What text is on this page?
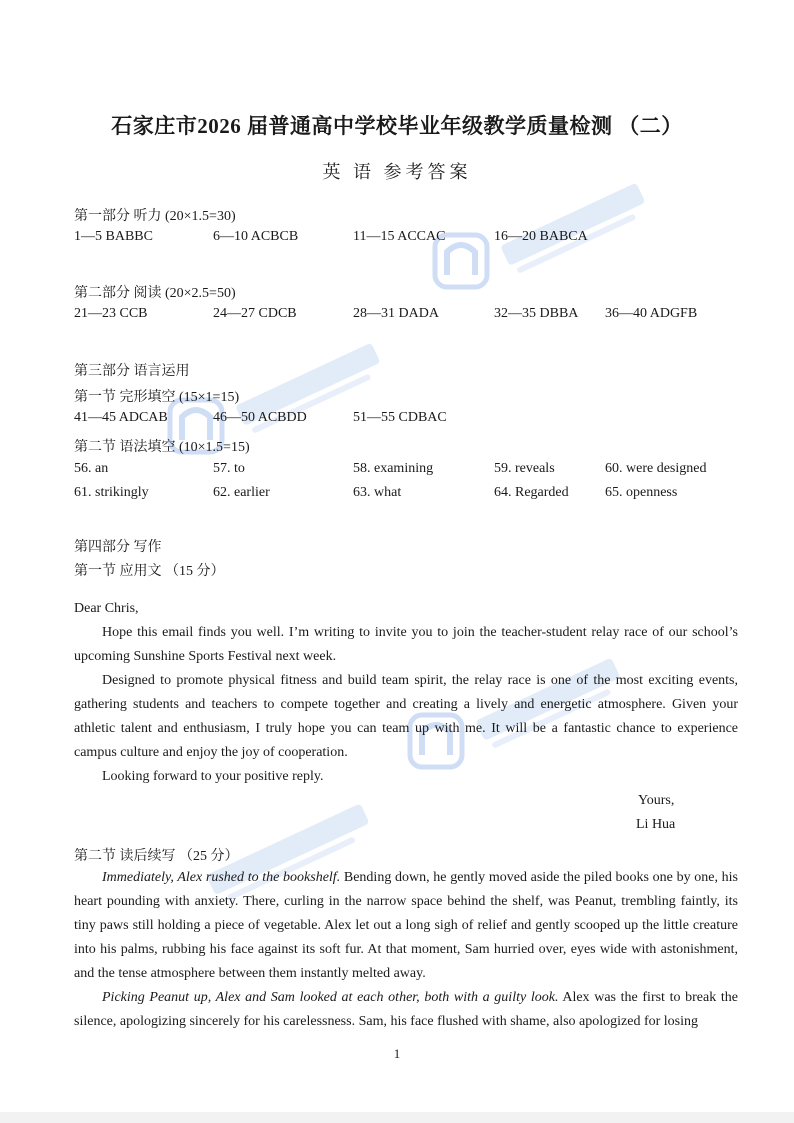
石家庄市2026 届普通高中学校毕业年级教学质量检测 （二）
英 语 参考答案
第一部分 听力 (20×1.5=30)
1—5 BABBC	6—10 ACBCB	11—15 ACCAC	16—20 BABCA
第二部分 阅读 (20×2.5=50)
21—23 CCB	24—27 CDCB	28—31 DADA	32—35 DBBA 36—40 ADGFB
第三部分 语言运用
第一节 完形填空 (15×1=15)
41—45 ADCAB	46—50 ACBDD	51—55 CDBAC
第二节 语法填空 (10×1.5=15)
56. an	57. to	58. examining	59. reveals	60. were designed
61. strikingly	62. earlier	63. what	64. Regarded	65. openness
第四部分 写作
第一节 应用文 （15 分）
Dear Chris,
Hope this email finds you well. I’m writing to invite you to join the teacher-student relay race of our school’s upcoming Sunshine Sports Festival next week.
Designed to promote physical fitness and build team spirit, the relay race is one of the most exciting events, gathering students and teachers to compete together and creating a lively and energetic atmosphere. Given your athletic talent and enthusiasm, I truly hope you can team up with me. It will be a fantastic chance to experience campus culture and enjoy the joy of cooperation.
Looking forward to your positive reply.
Yours,
Li Hua
第二节 读后续写 （25 分）
Immediately, Alex rushed to the bookshelf. Bending down, he gently moved aside the piled books one by one, his heart pounding with anxiety. There, curling in the narrow space behind the shelf, was Peanut, trembling faintly, its tiny paws still holding a piece of vegetable. Alex let out a long sigh of relief and gently scooped up the little creature into his palms, rubbing his face against its soft fur. At that moment, Sam hurried over, eyes wide with astonishment, and the tense atmosphere between them instantly melted away.
Picking Peanut up, Alex and Sam looked at each other, both with a guilty look. Alex was the first to break the silence, apologizing sincerely for his carelessness. Sam, his face flushed with shame, also apologized for losing
1
